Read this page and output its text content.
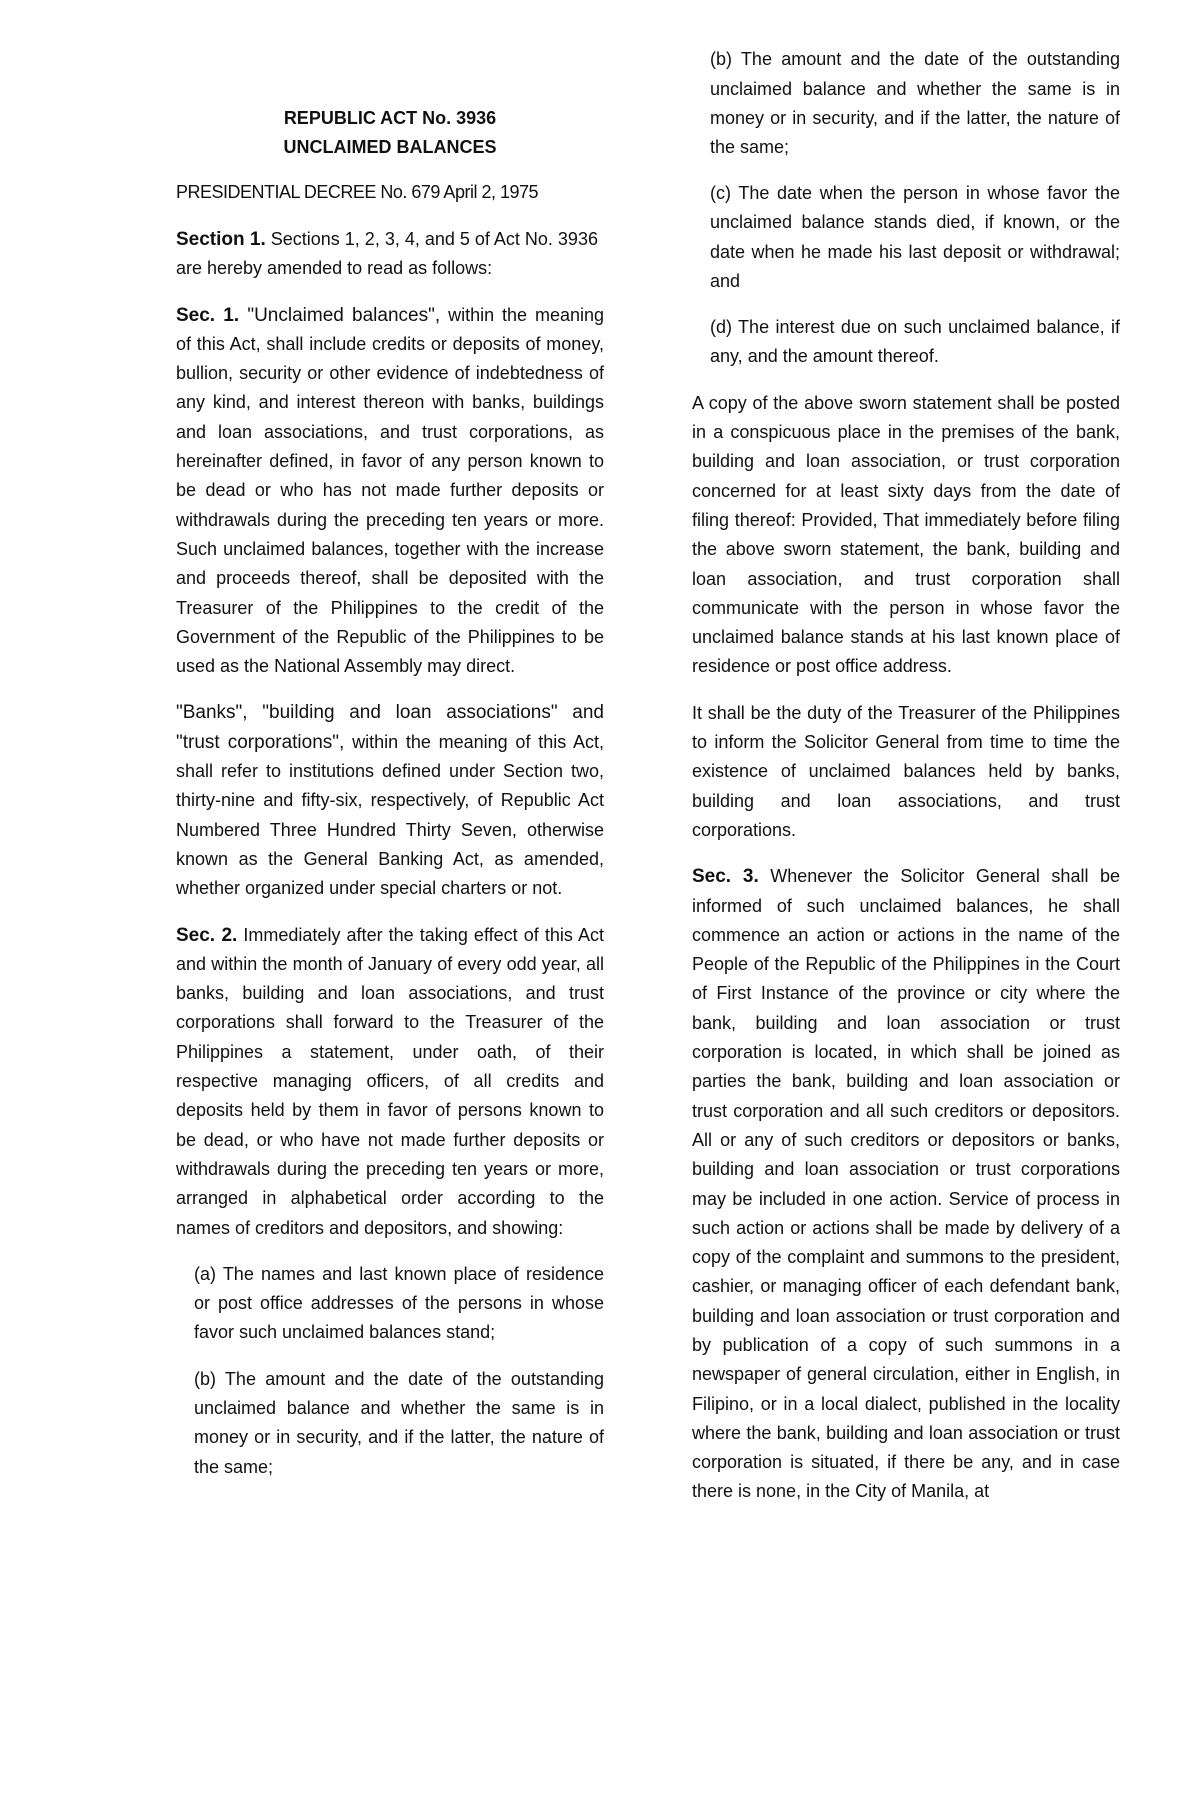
REPUBLIC ACT No. 3936
UNCLAIMED BALANCES

PRESIDENTIAL DECREE No. 679 April 2, 1975

Section 1. Sections 1, 2, 3, 4, and 5 of Act No. 3936 are hereby amended to read as follows:

Sec. 1. "Unclaimed balances", within the meaning of this Act, shall include credits or deposits of money, bullion, security or other evidence of indebtedness of any kind, and interest thereon with banks, buildings and loan associations, and trust corporations, as hereinafter defined, in favor of any person known to be dead or who has not made further deposits or withdrawals during the preceding ten years or more. Such unclaimed balances, together with the increase and proceeds thereof, shall be deposited with the Treasurer of the Philippines to the credit of the Government of the Republic of the Philippines to be used as the National Assembly may direct.

"Banks", "building and loan associations" and "trust corporations", within the meaning of this Act, shall refer to institutions defined under Section two, thirty-nine and fifty-six, respectively, of Republic Act Numbered Three Hundred Thirty Seven, otherwise known as the General Banking Act, as amended, whether organized under special charters or not.

Sec. 2. Immediately after the taking effect of this Act and within the month of January of every odd year, all banks, building and loan associations, and trust corporations shall forward to the Treasurer of the Philippines a statement, under oath, of their respective managing officers, of all credits and deposits held by them in favor of persons known to be dead, or who have not made further deposits or withdrawals during the preceding ten years or more, arranged in alphabetical order according to the names of creditors and depositors, and showing:

(a) The names and last known place of residence or post office addresses of the persons in whose favor such unclaimed balances stand;

(b) The amount and the date of the outstanding unclaimed balance and whether the same is in money or in security, and if the latter, the nature of the same;

(b) The amount and the date of the outstanding unclaimed balance and whether the same is in money or in security, and if the latter, the nature of the same;

(c) The date when the person in whose favor the unclaimed balance stands died, if known, or the date when he made his last deposit or withdrawal; and

(d) The interest due on such unclaimed balance, if any, and the amount thereof.

A copy of the above sworn statement shall be posted in a conspicuous place in the premises of the bank, building and loan association, or trust corporation concerned for at least sixty days from the date of filing thereof: Provided, That immediately before filing the above sworn statement, the bank, building and loan association, and trust corporation shall communicate with the person in whose favor the unclaimed balance stands at his last known place of residence or post office address.

It shall be the duty of the Treasurer of the Philippines to inform the Solicitor General from time to time the existence of unclaimed balances held by banks, building and loan associations, and trust corporations.

Sec. 3. Whenever the Solicitor General shall be informed of such unclaimed balances, he shall commence an action or actions in the name of the People of the Republic of the Philippines in the Court of First Instance of the province or city where the bank, building and loan association or trust corporation is located, in which shall be joined as parties the bank, building and loan association or trust corporation and all such creditors or depositors. All or any of such creditors or depositors or banks, building and loan association or trust corporations may be included in one action. Service of process in such action or actions shall be made by delivery of a copy of the complaint and summons to the president, cashier, or managing officer of each defendant bank, building and loan association or trust corporation and by publication of a copy of such summons in a newspaper of general circulation, either in English, in Filipino, or in a local dialect, published in the locality where the bank, building and loan association or trust corporation is situated, if there be any, and in case there is none, in the City of Manila, at
